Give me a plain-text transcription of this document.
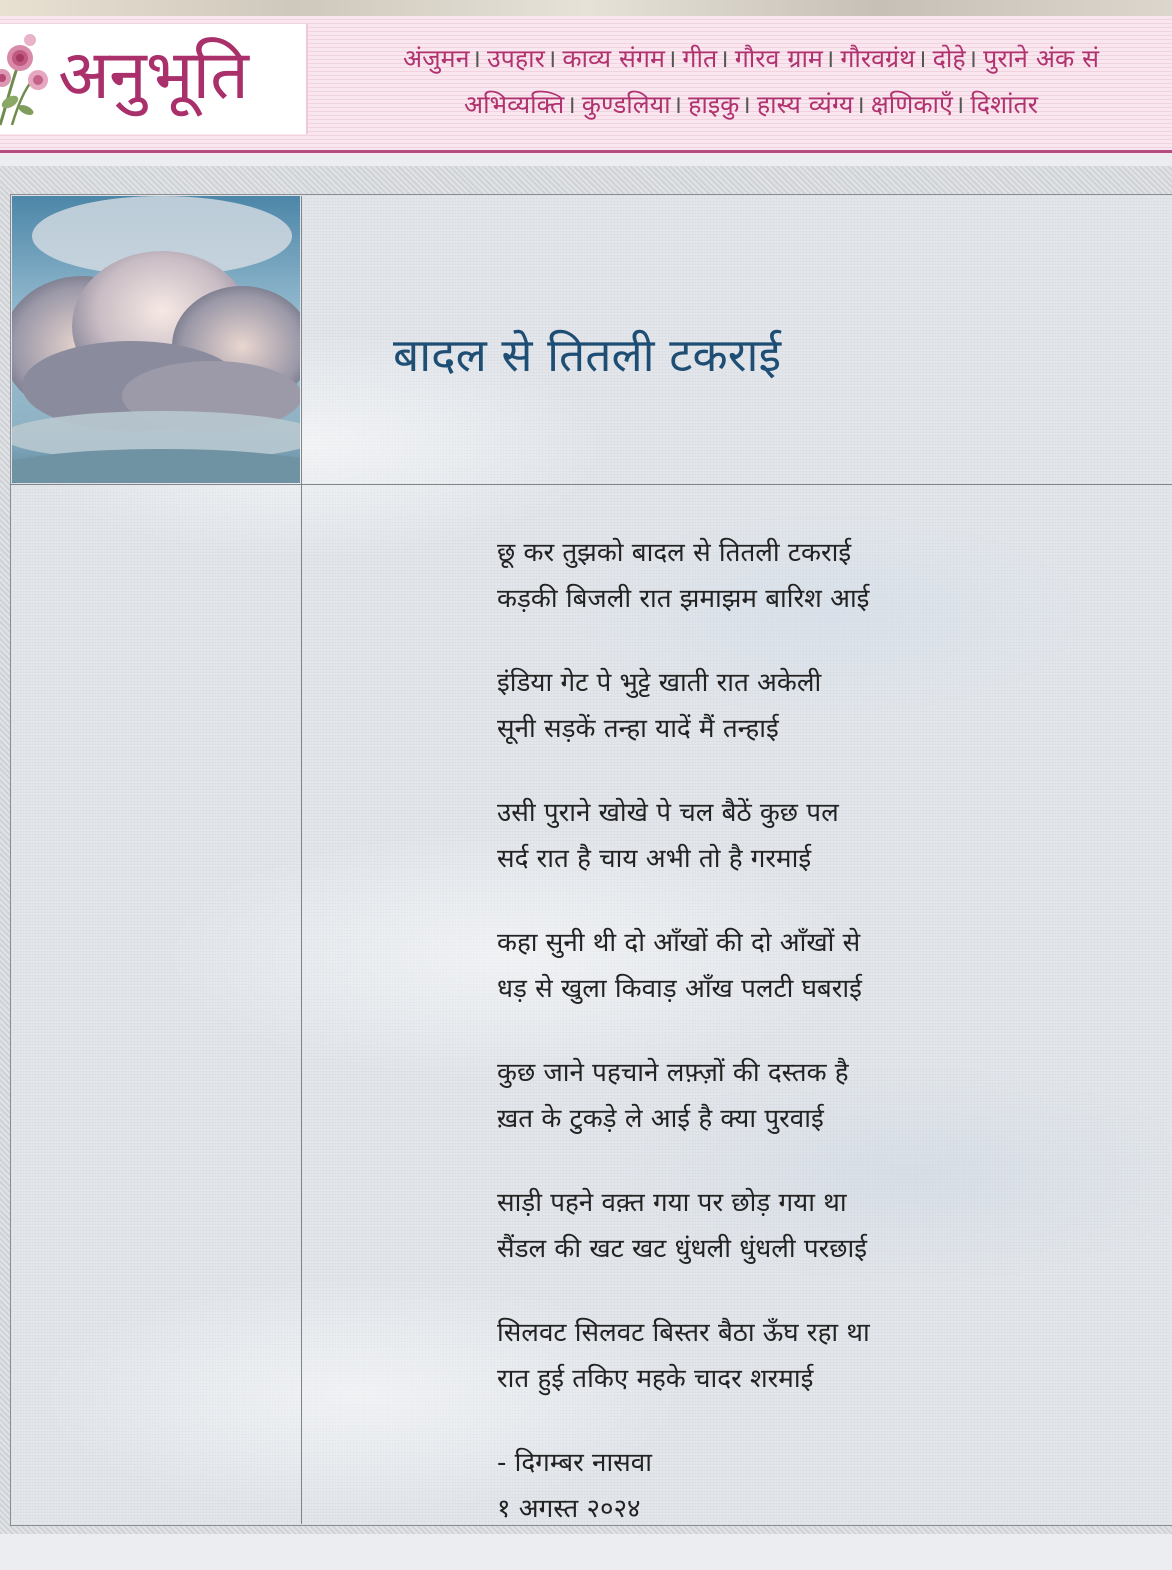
अनुभूति	अंजुमन। उपहार। काव्य संगम। गीत। गौरव ग्राम। गौरवग्रंथ। दोहे। पुराने अंक सं
अभिव्यक्ति। कुण्डलिया। हाइकु। हास्य व्यंग्य। क्षणिकाएँ। दिशांतर
बादल से तितली टकराई
छू कर तुझको बादल से तितली टकराई
कड़की बिजली रात झमाझम बारिश आई
इंडिया गेट पे भुट्टे खाती रात अकेली
सूनी सड़कें तन्हा यादें मैं तन्हाई
उसी पुराने खोखे पे चल बैठें कुछ पल
सर्द रात है चाय अभी तो है गरमाई
कहा सुनी थी दो आँखों की दो आँखों से
धड़ से खुला किवाड़ आँख पलटी घबराई
कुछ जाने पहचाने लफ़्ज़ों की दस्तक है
ख़त के टुकड़े ले आई है क्या पुरवाई
साड़ी पहने वक़्त गया पर छोड़ गया था
सैंडल की खट खट धुंधली धुंधली परछाई
सिलवट सिलवट बिस्तर बैठा ऊँघ रहा था
रात हुई तकिए महके चादर शरमाई
- दिगम्बर नासवा
१ अगस्त २०२४
